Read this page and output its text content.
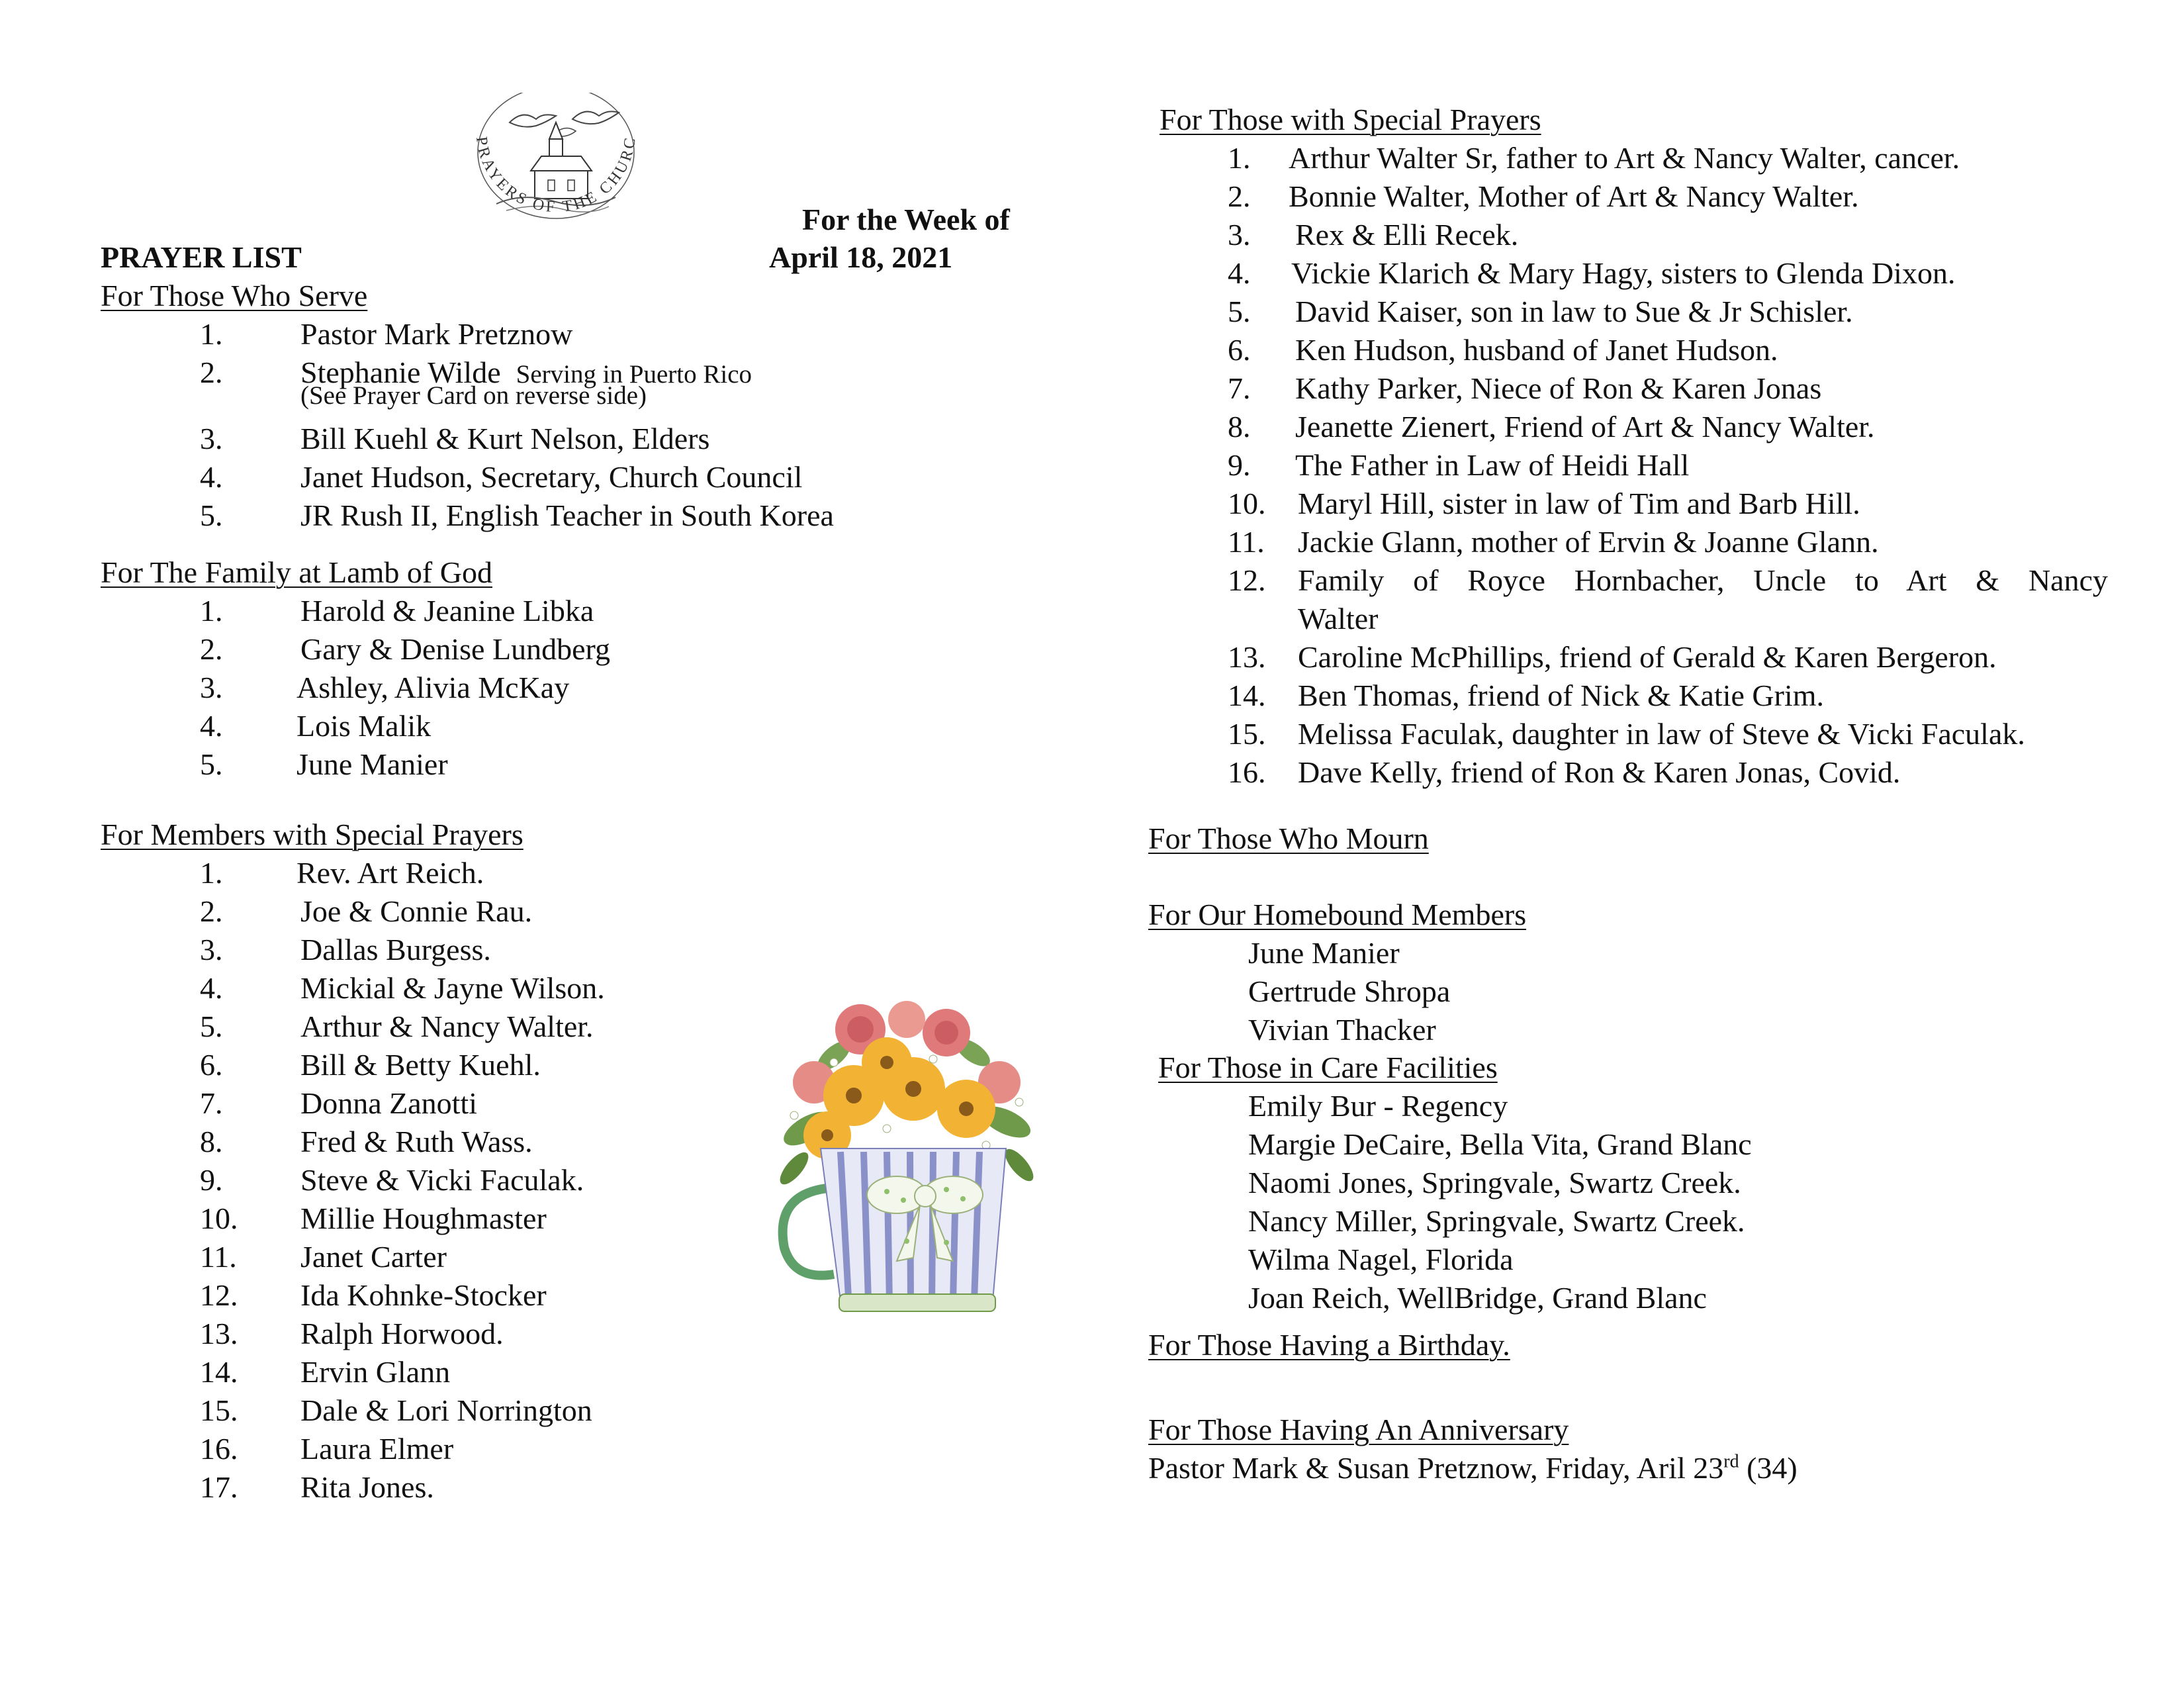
PRAYERS OF THE CHURC
For the Week of
PRAYER LIST	April 18, 2021
For Those Who Serve
1.	Pastor Mark Pretznow
2.	Stephanie Wilde Serving in Puerto Rico
(See Prayer Card on reverse side)
3.	Bill Kuehl & Kurt Nelson, Elders
4.	Janet Hudson, Secretary, Church Council
5.	JR Rush II, English Teacher in South Korea
For The Family at Lamb of God
1.	Harold & Jeanine Libka
2.	Gary & Denise Lundberg
3. Ashley, Alivia McKay
4. Lois Malik
5. June Manier
For Members with Special Prayers
1. Rev. Art Reich.
2.	Joe & Connie Rau.
3.	Dallas Burgess.
4.	Mickial & Jayne Wilson.
5.	Arthur & Nancy Walter.
6.	Bill & Betty Kuehl.
7.	Donna Zanotti
8.	Fred & Ruth Wass.
9.	Steve & Vicki Faculak.
10. Millie Houghmaster
11. Janet Carter
12. Ida Kohnke-Stocker
13. Ralph Horwood.
14. Ervin Glann
15. Dale & Lori Norrington
16. Laura Elmer
17. Rita Jones.
For Those with Special Prayers
1. Arthur Walter Sr, father to Art & Nancy Walter, cancer.
2. Bonnie Walter, Mother of Art & Nancy Walter.
3. Rex & Elli Recek.
4. Vickie Klarich & Mary Hagy, sisters to Glenda Dixon.
5. David Kaiser, son in law to Sue & Jr Schisler.
6. Ken Hudson, husband of Janet Hudson.
7. Kathy Parker, Niece of Ron & Karen Jonas
8. Jeanette Zienert, Friend of Art & Nancy Walter.
9. The Father in Law of Heidi Hall
10. Maryl Hill, sister in law of Tim and Barb Hill.
11. Jackie Glann, mother of Ervin & Joanne Glann.
12. Family of Royce Hornbacher, Uncle to Art & Nancy Walter
13. Caroline McPhillips, friend of Gerald & Karen Bergeron.
14. Ben Thomas, friend of Nick & Katie Grim.
15. Melissa Faculak, daughter in law of Steve & Vicki Faculak.
16. Dave Kelly, friend of Ron & Karen Jonas, Covid.
For Those Who Mourn
For Our Homebound Members
June Manier
Gertrude Shropa
Vivian Thacker
For Those in Care Facilities
Emily Bur - Regency
Margie DeCaire, Bella Vita, Grand Blanc
Naomi Jones, Springvale, Swartz Creek.
Nancy Miller, Springvale, Swartz Creek.
Wilma Nagel, Florida
Joan Reich, WellBridge, Grand Blanc
For Those Having a Birthday.
For Those Having An Anniversary
Pastor Mark & Susan Pretznow, Friday, Aril 23rd (34)
